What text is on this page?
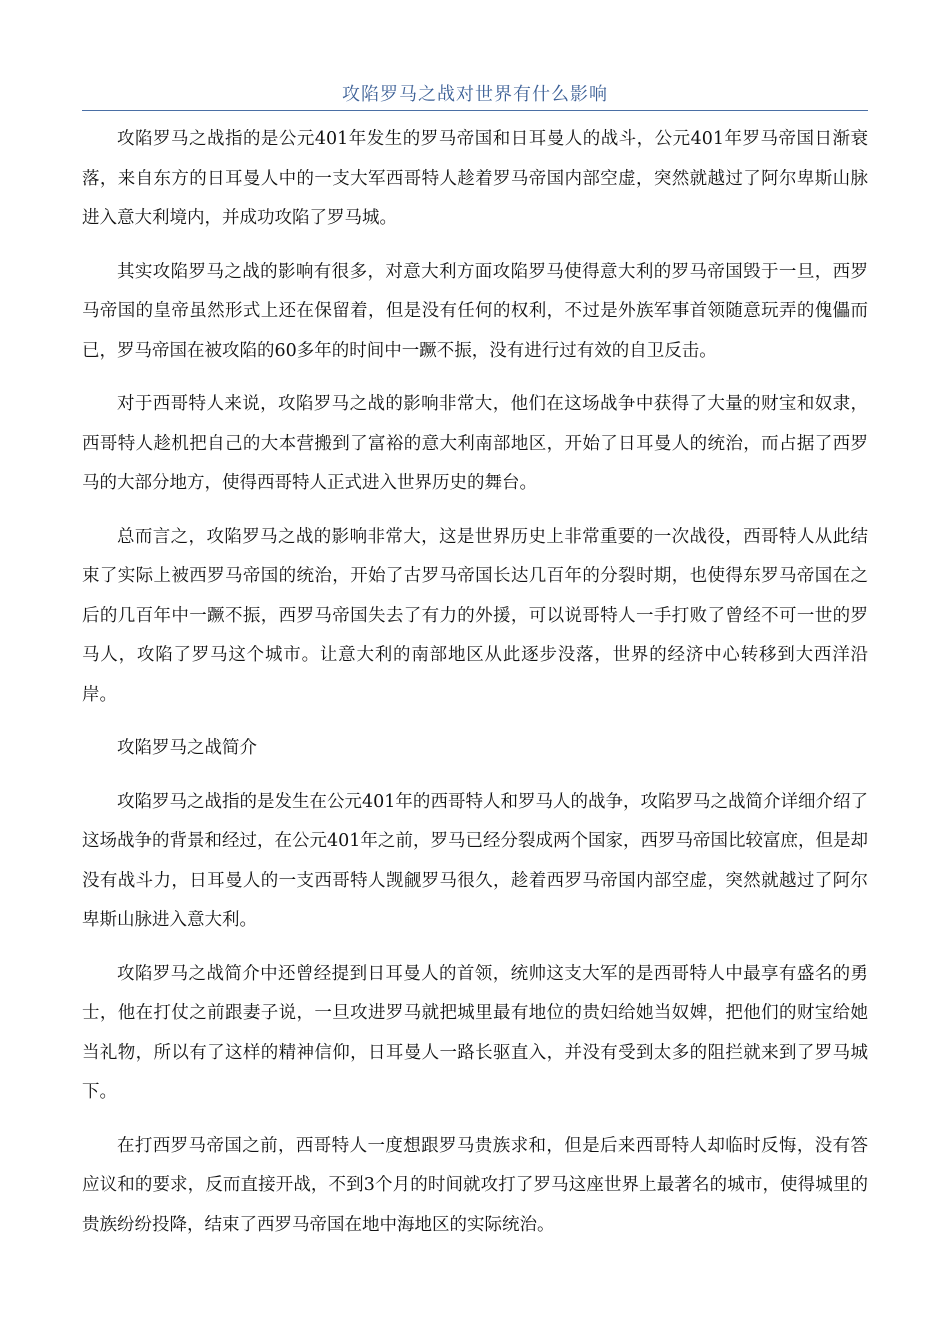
攻陷罗马之战对世界有什么影响

攻陷罗马之战指的是公元401年发生的罗马帝国和日耳曼人的战斗，公元401年罗马帝国日渐衰落，来自东方的日耳曼人中的一支大军西哥特人趁着罗马帝国内部空虚，突然就越过了阿尔卑斯山脉进入意大利境内，并成功攻陷了罗马城。

其实攻陷罗马之战的影响有很多，对意大利方面攻陷罗马使得意大利的罗马帝国毁于一旦，西罗马帝国的皇帝虽然形式上还在保留着，但是没有任何的权利，不过是外族军事首领随意玩弄的傀儡而已，罗马帝国在被攻陷的60多年的时间中一蹶不振，没有进行过有效的自卫反击。

对于西哥特人来说，攻陷罗马之战的影响非常大，他们在这场战争中获得了大量的财宝和奴隶，西哥特人趁机把自己的大本营搬到了富裕的意大利南部地区，开始了日耳曼人的统治，而占据了西罗马的大部分地方，使得西哥特人正式进入世界历史的舞台。

总而言之，攻陷罗马之战的影响非常大，这是世界历史上非常重要的一次战役，西哥特人从此结束了实际上被西罗马帝国的统治，开始了古罗马帝国长达几百年的分裂时期，也使得东罗马帝国在之后的几百年中一蹶不振，西罗马帝国失去了有力的外援，可以说哥特人一手打败了曾经不可一世的罗马人，攻陷了罗马这个城市。让意大利的南部地区从此逐步没落，世界的经济中心转移到大西洋沿岸。

攻陷罗马之战简介

攻陷罗马之战指的是发生在公元401年的西哥特人和罗马人的战争，攻陷罗马之战简介详细介绍了这场战争的背景和经过，在公元401年之前，罗马已经分裂成两个国家，西罗马帝国比较富庶，但是却没有战斗力，日耳曼人的一支西哥特人觊觎罗马很久，趁着西罗马帝国内部空虚，突然就越过了阿尔卑斯山脉进入意大利。

攻陷罗马之战简介中还曾经提到日耳曼人的首领，统帅这支大军的是西哥特人中最享有盛名的勇士，他在打仗之前跟妻子说，一旦攻进罗马就把城里最有地位的贵妇给她当奴婢，把他们的财宝给她当礼物，所以有了这样的精神信仰，日耳曼人一路长驱直入，并没有受到太多的阻拦就来到了罗马城下。

在打西罗马帝国之前，西哥特人一度想跟罗马贵族求和，但是后来西哥特人却临时反悔，没有答应议和的要求，反而直接开战，不到3个月的时间就攻打了罗马这座世界上最著名的城市，使得城里的贵族纷纷投降，结束了西罗马帝国在地中海地区的实际统治。
